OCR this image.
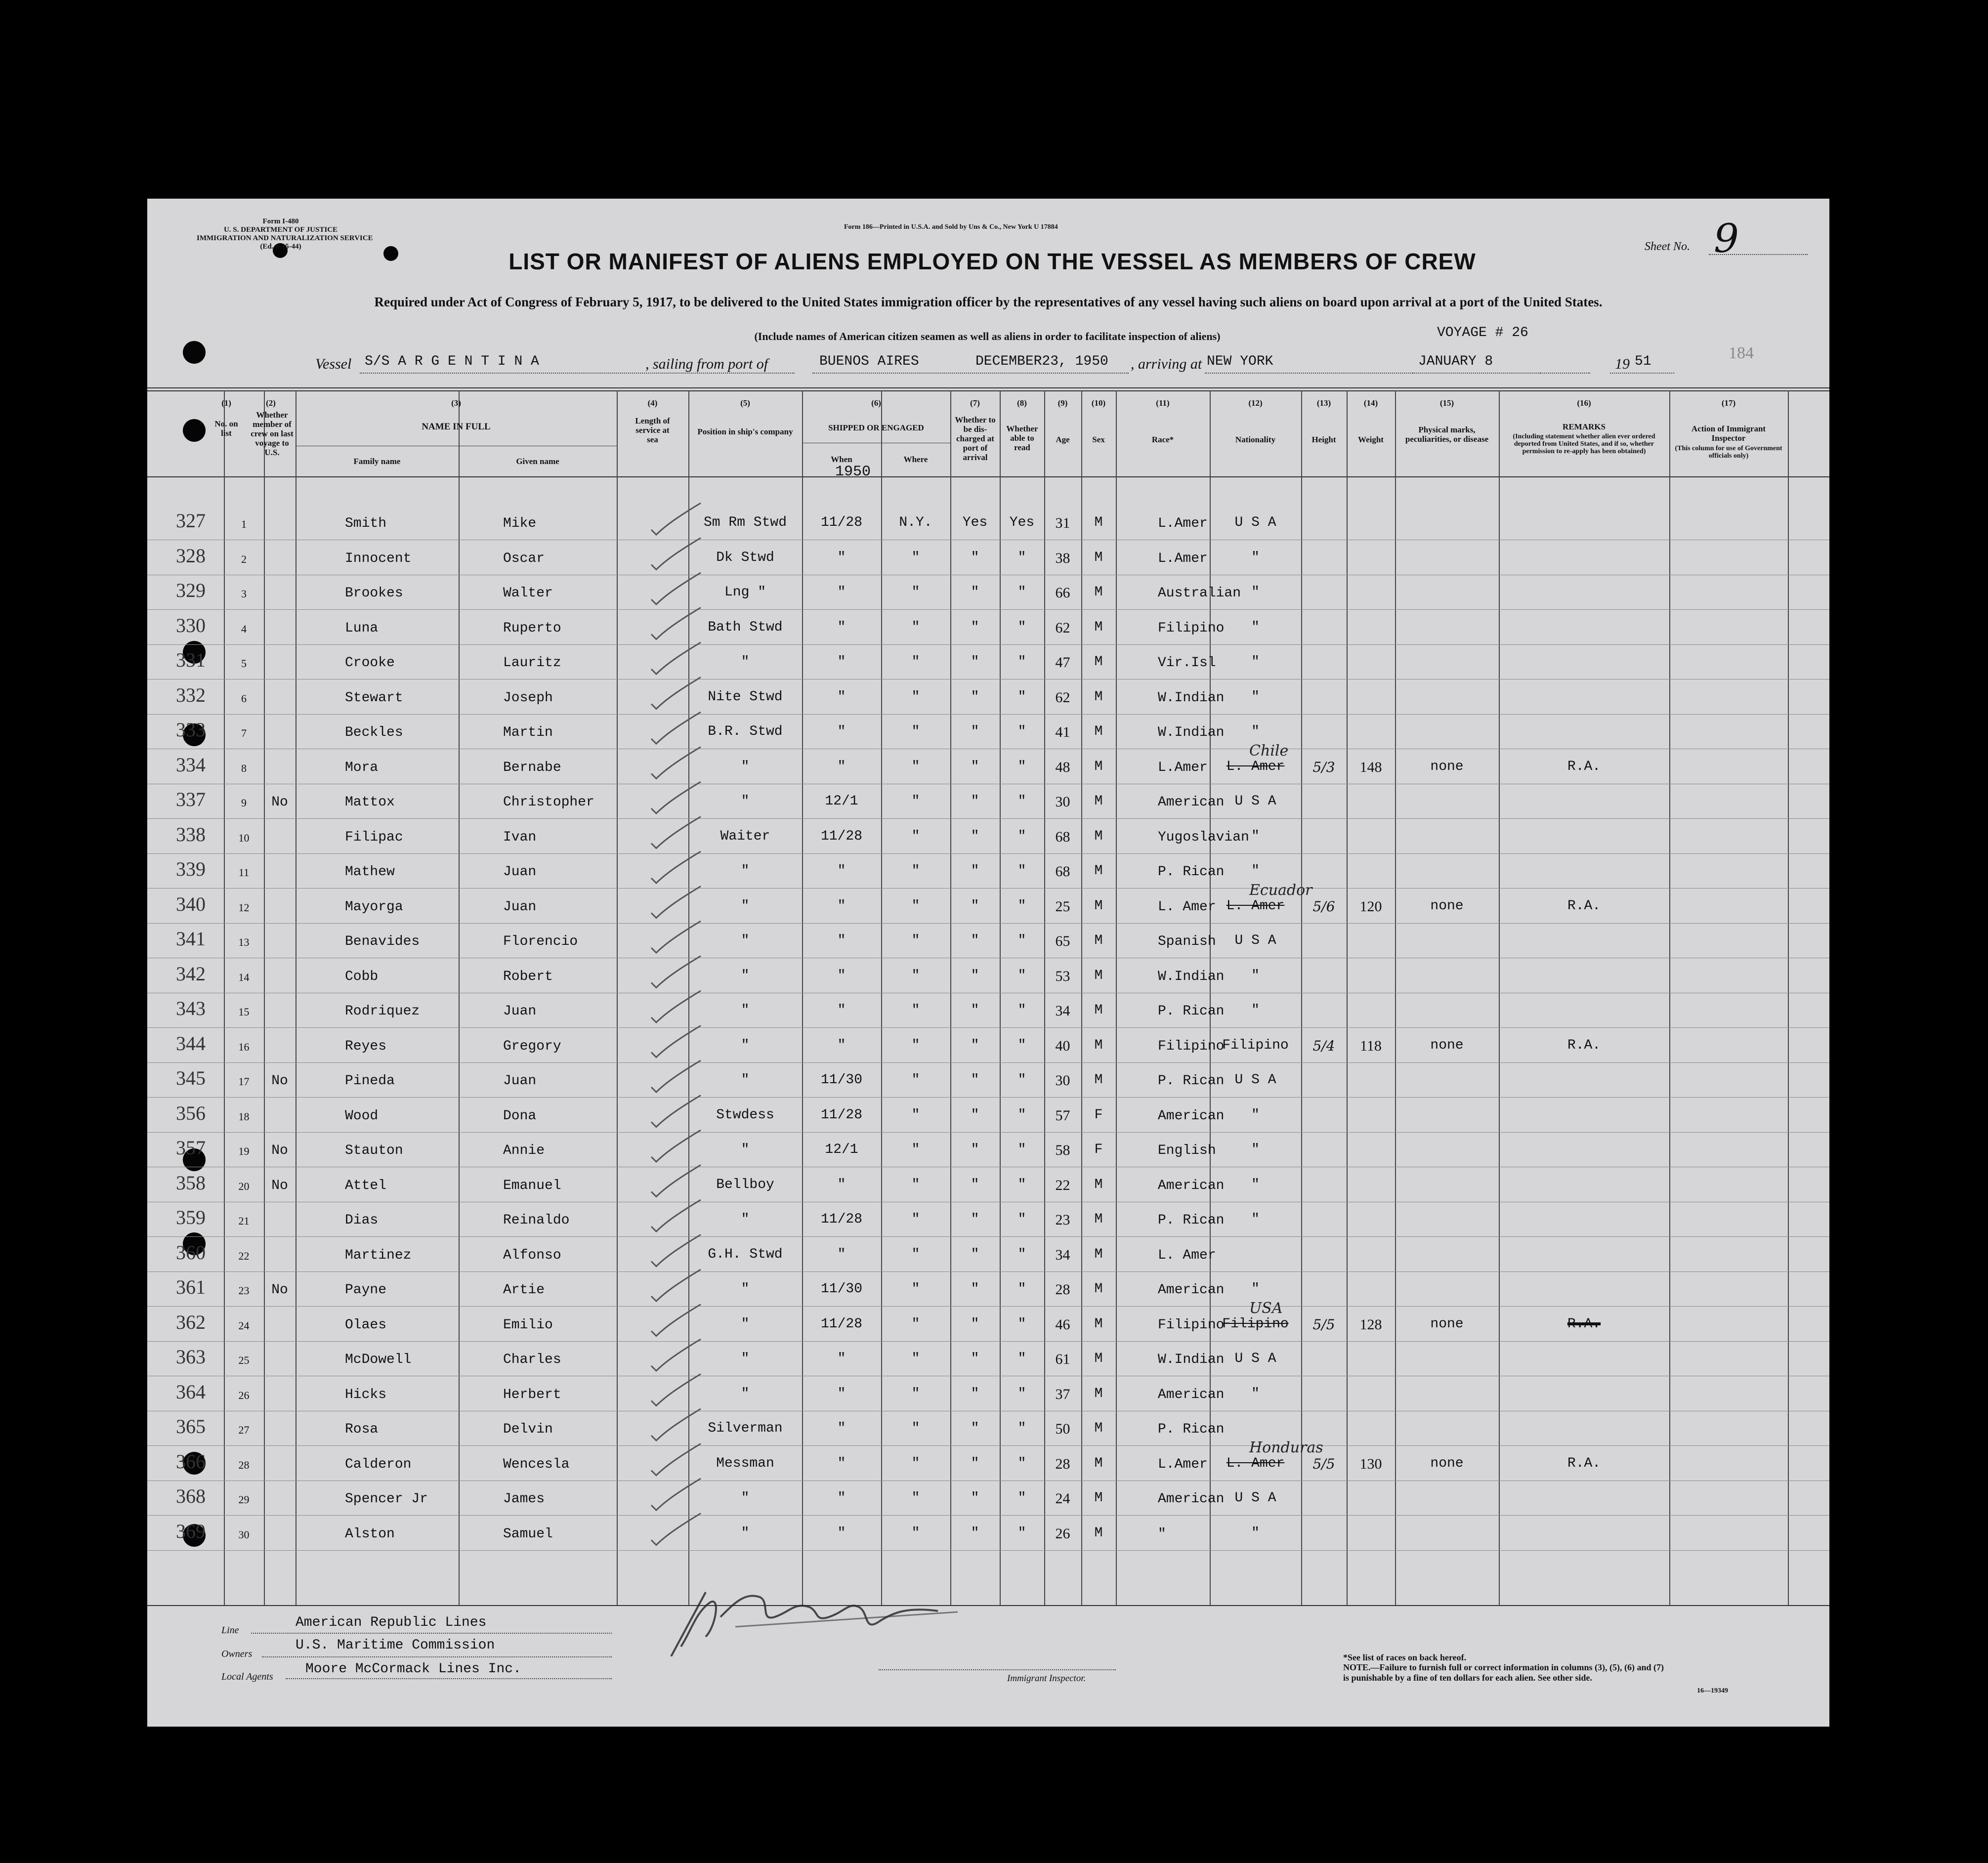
Form I-480
U. S. DEPARTMENT OF JUSTICE
IMMIGRATION AND NATURALIZATION SERVICE
(Ed. 4-15-44)
Form 186—Printed in U.S.A. and Sold by Uns & Co., New York U 17884
Sheet No. 9
LIST OR MANIFEST OF ALIENS EMPLOYED ON THE VESSEL AS MEMBERS OF CREW
Required under Act of Congress of February 5, 1917, to be delivered to the United States immigration officer by the representatives of any vessel having such aliens on board upon arrival at a port of the United States.
(Include names of American citizen seamen as well as aliens in order to facilitate inspection of aliens)	VOYAGE # 26
184
Vessel S/S A R G E N T I N A	, sailing from port of	BUENOS AIRES	DECEMBER23, 1950 , arriving at NEW YORK	JANUARY 8	19 51
(1)
No. on list
(2)
Whether member of crew on last voyage to U.S.
(3)
NAME IN FULL
Family name	Given name
(4)
Length of service at sea
(5)
Position in ship's company
(6)
SHIPPED OR ENGAGED
When	Where
1950
(7)
Whether to be dis-charged at port of arrival
(8)
Whether able to read
(9)
Age
(10)
Sex
(11)
Race*
(12)
Nationality
(13)
Height
(14)
Weight
(15)
Physical marks, peculiarities, or disease
(16)
REMARKS
(Including statement whether alien ever ordered deported from United States, and if so, whether permission to re-apply has been obtained)
(17)
Action of Immigrant Inspector
(This column for use of Government officials only)
327	1	Smith	Mike	Sm Rm Stwd	11/28	N.Y.	Yes	Yes	31	M	L.Amer	U S A
328	2	Innocent	Oscar	Dk Stwd	"	"	"	"	38	M	L.Amer	"
329	3	Brookes	Walter	Lng "	"	"	"	"	66	M	Australian "
330	4	Luna	Ruperto	Bath Stwd	"	"	"	"	62	M	Filipino	"
331	5	Crooke	Lauritz	"	"	"	"	"	47	M	Vir.Isl	"
332	6	Stewart	Joseph	Nite Stwd	"	"	"	"	62	M	W.Indian	"
333	7	Beckles	Martin	B.R. Stwd	"	"	"	"	41	M	W.Indian	"
334	8	Mora	Bernabe	"	"	"	"	"	48	M	L.Amer	L. Amer
Chile
5/3	148	none	R.A.
337	9	No	Mattox	Christopher	"	12/1	"	"	"	30	M	American U S A
338	10	Filipac	Ivan	Waiter	11/28	"	"	"	68	M	Yugoslavian "
339	11	Mathew	Juan	"	"	"	"	"	68	M	P. Rican	"
340	12	Mayorga	Juan	"	"	"	"	"	25	M	L. Amer L. Amer
Ecuador
5/6	120	none	R.A.
341	13	Benavides	Florencio	"	"	"	"	"	65	M	Spanish	U S A
342	14	Cobb	Robert	"	"	"	"	"	53	M	W.Indian	"
343	15	Rodriquez	Juan	"	"	"	"	"	34	M	P. Rican	"
344	16	Reyes	Gregory	"	"	"	"	"	40	M	Filipino
Filipino	5/4	118	none	R.A.
345	17	No	Pineda	Juan	"	11/30	"	"	"	30	M	P. Rican U S A
356	18	Wood	Dona	Stwdess	11/28	"	"	"	57	F	American	"
357	19	No	Stauton	Annie	"	12/1	"	"	"	58	F	English	"
358	20	No	Attel	Emanuel	Bellboy	"	"	"	"	22	M	American	"
359	21	Dias	Reinaldo	"	11/28	"	"	"	23	M	P. Rican	"
360	22	Martinez	Alfonso	G.H. Stwd	"	"	"	"	34	M	L. Amer
361	23	No	Payne	Artie	"	11/30	"	"	"	28	M	American	"
362	24	Olaes	Emilio	"	11/28	"	"	"	46	M	Filipino
Filipino
USA
5/5	128	none	R.A.
363	25	McDowell	Charles	"	"	"	"	"	61	M	W.Indian U S A
364	26	Hicks	Herbert	"	"	"	"	"	37	M	American	"
365	27	Rosa	Delvin	Silverman	"	"	"	"	50	M	P. Rican
366	28	Calderon	Wencesla	Messman	"	"	"	"	28	M	L.Amer	L. Amer
Honduras
5/5	130	none	R.A.
368	29	Spencer Jr	James	"	"	"	"	"	24	M	American U S A
369	30	Alston	Samuel	"	"	"	"	"	26	M	"	"
Line	American Republic Lines
Owners
U.S. Maritime Commission
Local Agents Moore McCormack Lines Inc.
Immigrant Inspector.
*See list of races on back hereof.
NOTE.—Failure to furnish full or correct information in columns (3), (5), (6) and (7) is punishable by a fine of ten dollars for each alien. See other side.
16—19349
